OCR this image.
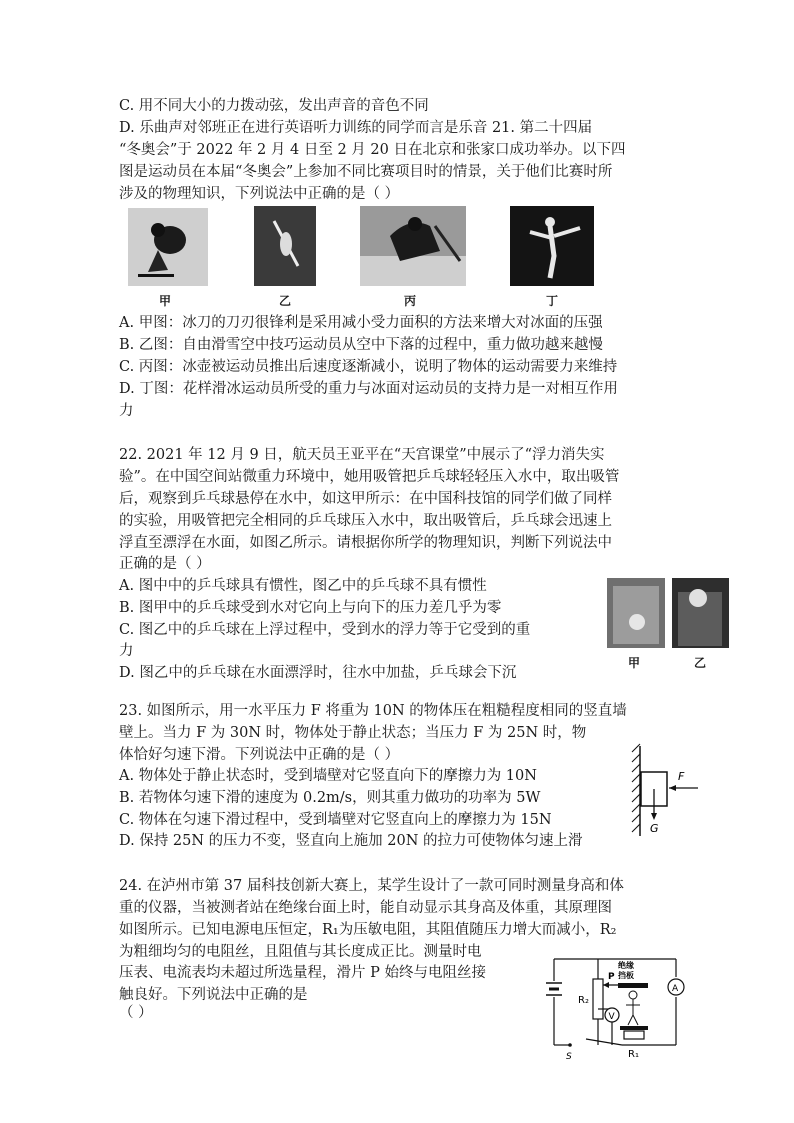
C. 用不同大小的力拨动弦，发出声音的音色不同
D. 乐曲声对邻班正在进行英语听力训练的同学而言是乐音 21. 第二十四届
“冬奥会”于 2022 年 2 月 4 日至 2 月 20 日在北京和张家口成功举办。以下四
图是运动员在本届“冬奥会”上参加不同比赛项目时的情景，关于他们比赛时所
涉及的物理知识，下列说法中正确的是（ ）
甲	乙	丙	丁
A. 甲图：冰刀的刀刃很锋利是采用减小受力面积的方法来增大对冰面的压强
B. 乙图：自由滑雪空中技巧运动员从空中下落的过程中，重力做功越来越慢
C. 丙图：冰壶被运动员推出后速度逐渐减小，说明了物体的运动需要力来维持
D. 丁图：花样滑冰运动员所受的重力与冰面对运动员的支持力是一对相互作用
力
22. 2021 年 12 月 9 日，航天员王亚平在“天宫课堂”中展示了“浮力消失实
验”。在中国空间站微重力环境中，她用吸管把乒乓球轻轻压入水中，取出吸管
后，观察到乒乓球悬停在水中，如这甲所示：在中国科技馆的同学们做了同样
的实验，用吸管把完全相同的乒乓球压入水中，取出吸管后，乒乓球会迅速上
浮直至漂浮在水面，如图乙所示。请根据你所学的物理知识，判断下列说法中
正确的是（ ）
A. 图中中的乒乓球具有惯性，图乙中的乒乓球不具有惯性
B. 图甲中的乒乓球受到水对它向上与向下的压力差几乎为零
C. 图乙中的乒乓球在上浮过程中，受到水的浮力等于它受到的重
力
D. 图乙中的乒乓球在水面漂浮时，往水中加盐，乒乓球会下沉
甲	乙
23. 如图所示，用一水平压力 F 将重为 10N 的物体压在粗糙程度相同的竖直墙
壁上。当力 F 为 30N 时，物体处于静止状态；当压力 F 为 25N 时，物
体恰好匀速下滑。下列说法中正确的是（ ）
A. 物体处于静止状态时，受到墙壁对它竖直向下的摩擦力为 10N
B. 若物体匀速下滑的速度为 0.2m/s，则其重力做功的功率为 5W
C. 物体在匀速下滑过程中，受到墙壁对它竖直向上的摩擦力为 15N
D. 保持 25N 的压力不变，竖直向上施加 20N 的拉力可使物体匀速上滑
F
G
24. 在泸州市第 37 届科技创新大赛上，某学生设计了一款可同时测量身高和体
重的仪器，当被测者站在绝缘台面上时，能自动显示其身高及体重，其原理图
如图所示。已知电源电压恒定，R₁为压敏电阻，其阻值随压力增大而减小，R₂
为粗细均匀的电阻丝，且阻值与其长度成正比。测量时电
压表、电流表均未超过所选量程，滑片 P 始终与电阻丝接
触良好。下列说法中正确的是
（ ）
R₂
P
绝缘
挡板
V
A
R₁
S
